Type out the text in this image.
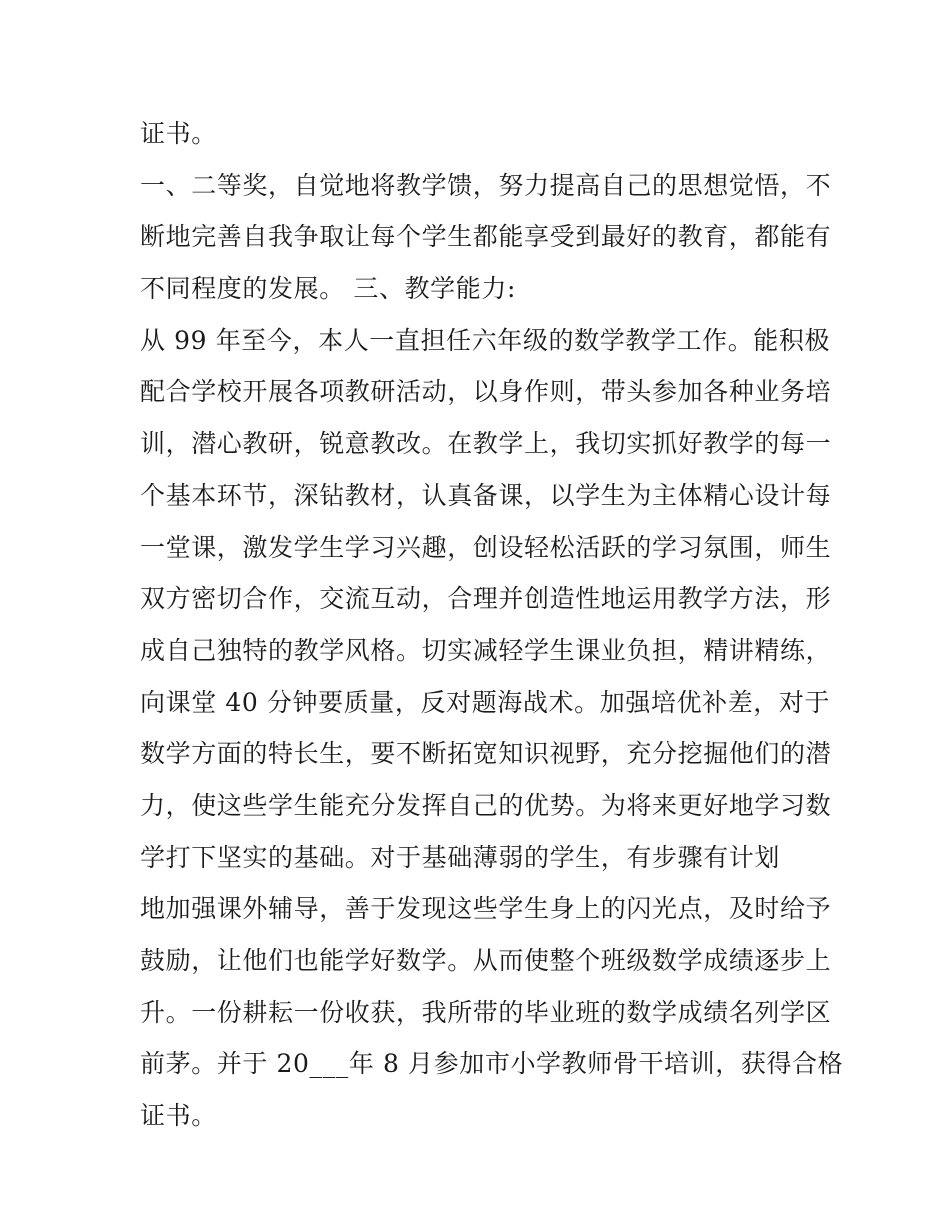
证书。
一、二等奖，自觉地将教学馈，努力提高自己的思想觉悟，不
断地完善自我争取让每个学生都能享受到最好的教育，都能有
不同程度的发展。 三、教学能力:
从 99 年至今，本人一直担任六年级的数学教学工作。能积极
配合学校开展各项教研活动，以身作则，带头参加各种业务培
训，潜心教研，锐意教改。在教学上，我切实抓好教学的每一
个基本环节，深钻教材，认真备课，以学生为主体精心设计每
一堂课，激发学生学习兴趣，创设轻松活跃的学习氛围，师生
双方密切合作，交流互动，合理并创造性地运用教学方法，形
成自己独特的教学风格。切实减轻学生课业负担，精讲精练，
向课堂 40 分钟要质量，反对题海战术。加强培优补差，对于
数学方面的特长生，要不断拓宽知识视野，充分挖掘他们的潜
力，使这些学生能充分发挥自己的优势。为将来更好地学习数
学打下坚实的基础。对于基础薄弱的学生，有步骤有计划
地加强课外辅导，善于发现这些学生身上的闪光点，及时给予
鼓励，让他们也能学好数学。从而使整个班级数学成绩逐步上
升。一份耕耘一份收获，我所带的毕业班的数学成绩名列学区
前茅。并于 20___年 8 月参加市小学教师骨干培训，获得合格
证书。
